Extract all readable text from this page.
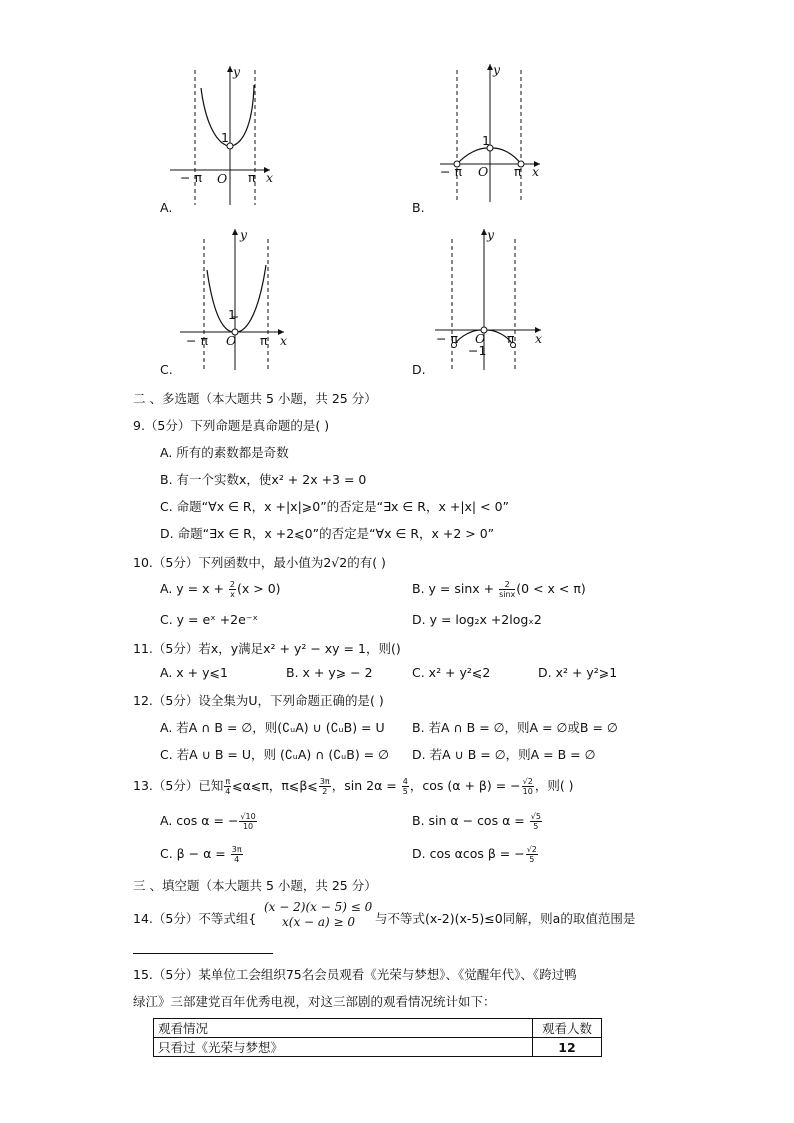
y
x
O
1
− π	π
A.
y
x
O
1
− π	π
B.
y
x
O
1
− π	π
C.
y
x
O
−1
− π	π
D.
二 、多选题（本大题共 5 小题，共 25 分）
9.（5分）下列命题是真命题的是( )
A. 所有的素数都是奇数
B. 有一个实数x，使x² + 2x +3 = 0
C. 命题“∀x ∈ R，x +|x|⩾0”的否定是“∃x ∈ R，x +|x| < 0”
D. 命题“∃x ∈ R，x +2⩽0”的否定是“∀x ∈ R，x +2 > 0”
10.（5分）下列函数中，最小值为2√2的有( )
A. $y = x + \frac{2}{x} (x > 0)$	B. $y = \sin x + \frac{2}{\sin x} (0 < x < \pi)$
C. y = eˣ +2e⁻ˣ	D. y = log₂x +2logₓ2
11.（5分）若x，y满足x² + y² − xy = 1，则()
A. x + y⩽1	B. x + y⩾ − 2	C. x² + y²⩽2	D. x² + y²⩾1
12.（5分）设全集为U，下列命题正确的是( )
A. 若A ∩ B = ∅，则(∁ᵤA) ∪ (∁ᵤB) = U B. 若A ∩ B = ∅，则A = ∅或B = ∅
C. 若A ∪ B = U，则 (∁ᵤA) ∩ (∁ᵤB) = ∅ D. 若A ∪ B = ∅，则A = B = ∅
13.（5分）已知 $\frac{\pi}{4}$ ⩽α⩽π，π⩽β⩽ $\frac{3\pi}{2}$ ，$\sin 2\alpha = \frac{4}{5}$ ，cos (α + β) = − $\frac{√2}{10}$ ，则( )
A. cos α = − $\frac{√10}{10}$	B. $\sin \alpha - \cos \alpha = \frac{√5}{5}$
C. $\beta - \alpha = \frac{3\pi}{4}$	D. cos αcos β = − $\frac{√2}{5}$
三 、填空题（本大题共 5 小题，共 25 分）
14.（5分）不等式组{
(x − 2)(x − 5) ≤ 0
x(x − a) ≥ 0 与不等式(x-2)(x-5)≤0同解，则a的取值范围是
15.（5分）某单位工会组织75名会员观看《光荣与梦想》、《觉醒年代》、《跨过鸭
绿江》三部建党百年优秀电视，对这三部剧的观看情况统计如下：
观看情况	观看人数
只看过《光荣与梦想》	12
